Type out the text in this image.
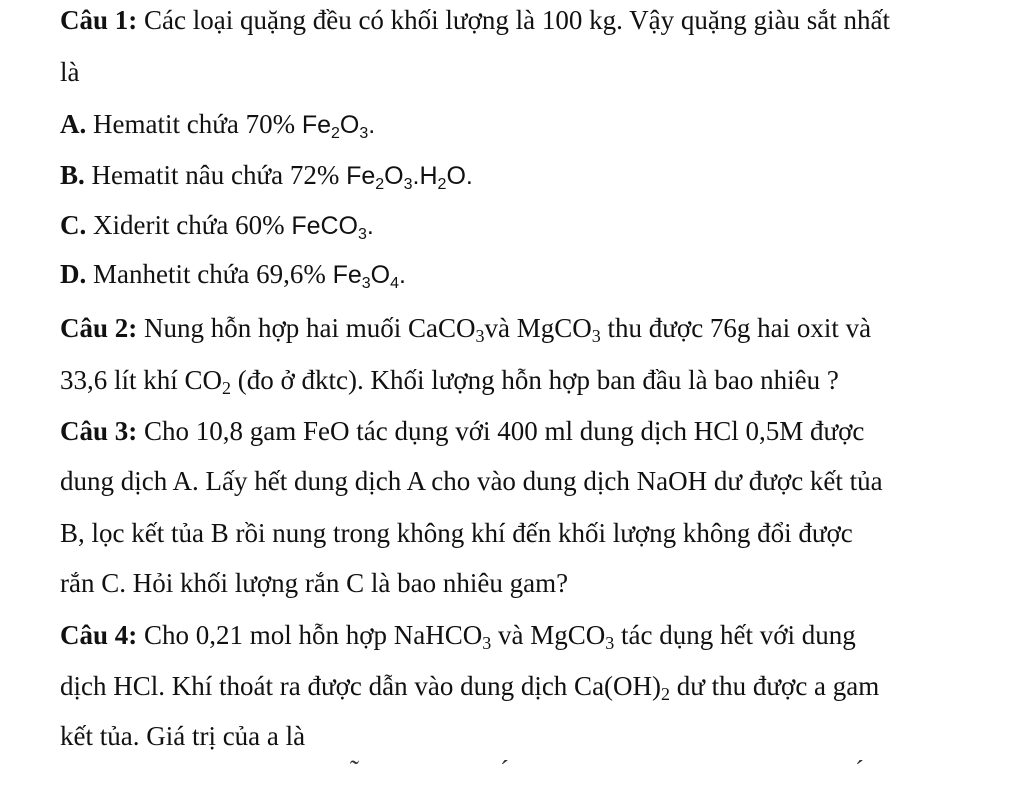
Câu 1: Các loại quặng đều có khối lượng là 100 kg. Vậy quặng giàu sắt nhất
là
A. Hematit chứa 70% $Fe_2O_3$.
B. Hematit nâu chứa 72% $Fe_2O_3.H_2O$.
C. Xiderit chứa 60% FeCO$_3$.
D. Manhetit chứa 69,6% $Fe_3O_4$.
Câu 2: Nung hỗn hợp hai muối CaCO$_3$và MgCO$_3$ thu được 76g hai oxit và
33,6 lít khí $CO_2$ (đo ở đktc). Khối lượng hỗn hợp ban đầu là bao nhiêu ?
Câu 3: Cho 10,8 gam FeO tác dụng với 400 ml dung dịch HCl 0,5M được
dung dịch A. Lấy hết dung dịch A cho vào dung dịch NaOH dư được kết tủa
B, lọc kết tủa B rồi nung trong không khí đến khối lượng không đổi được
rắn C. Hỏi khối lượng rắn C là bao nhiêu gam?
Câu 4: Cho 0,21 mol hỗn hợp NaHCO$_3$ và MgCO$_3$ tác dụng hết với dung
dịch HCl. Khí thoát ra được dẫn vào dung dịch $Ca(OH)_2$ dư thu được a gam
kết tủa. Giá trị của a là
˜	´	´
